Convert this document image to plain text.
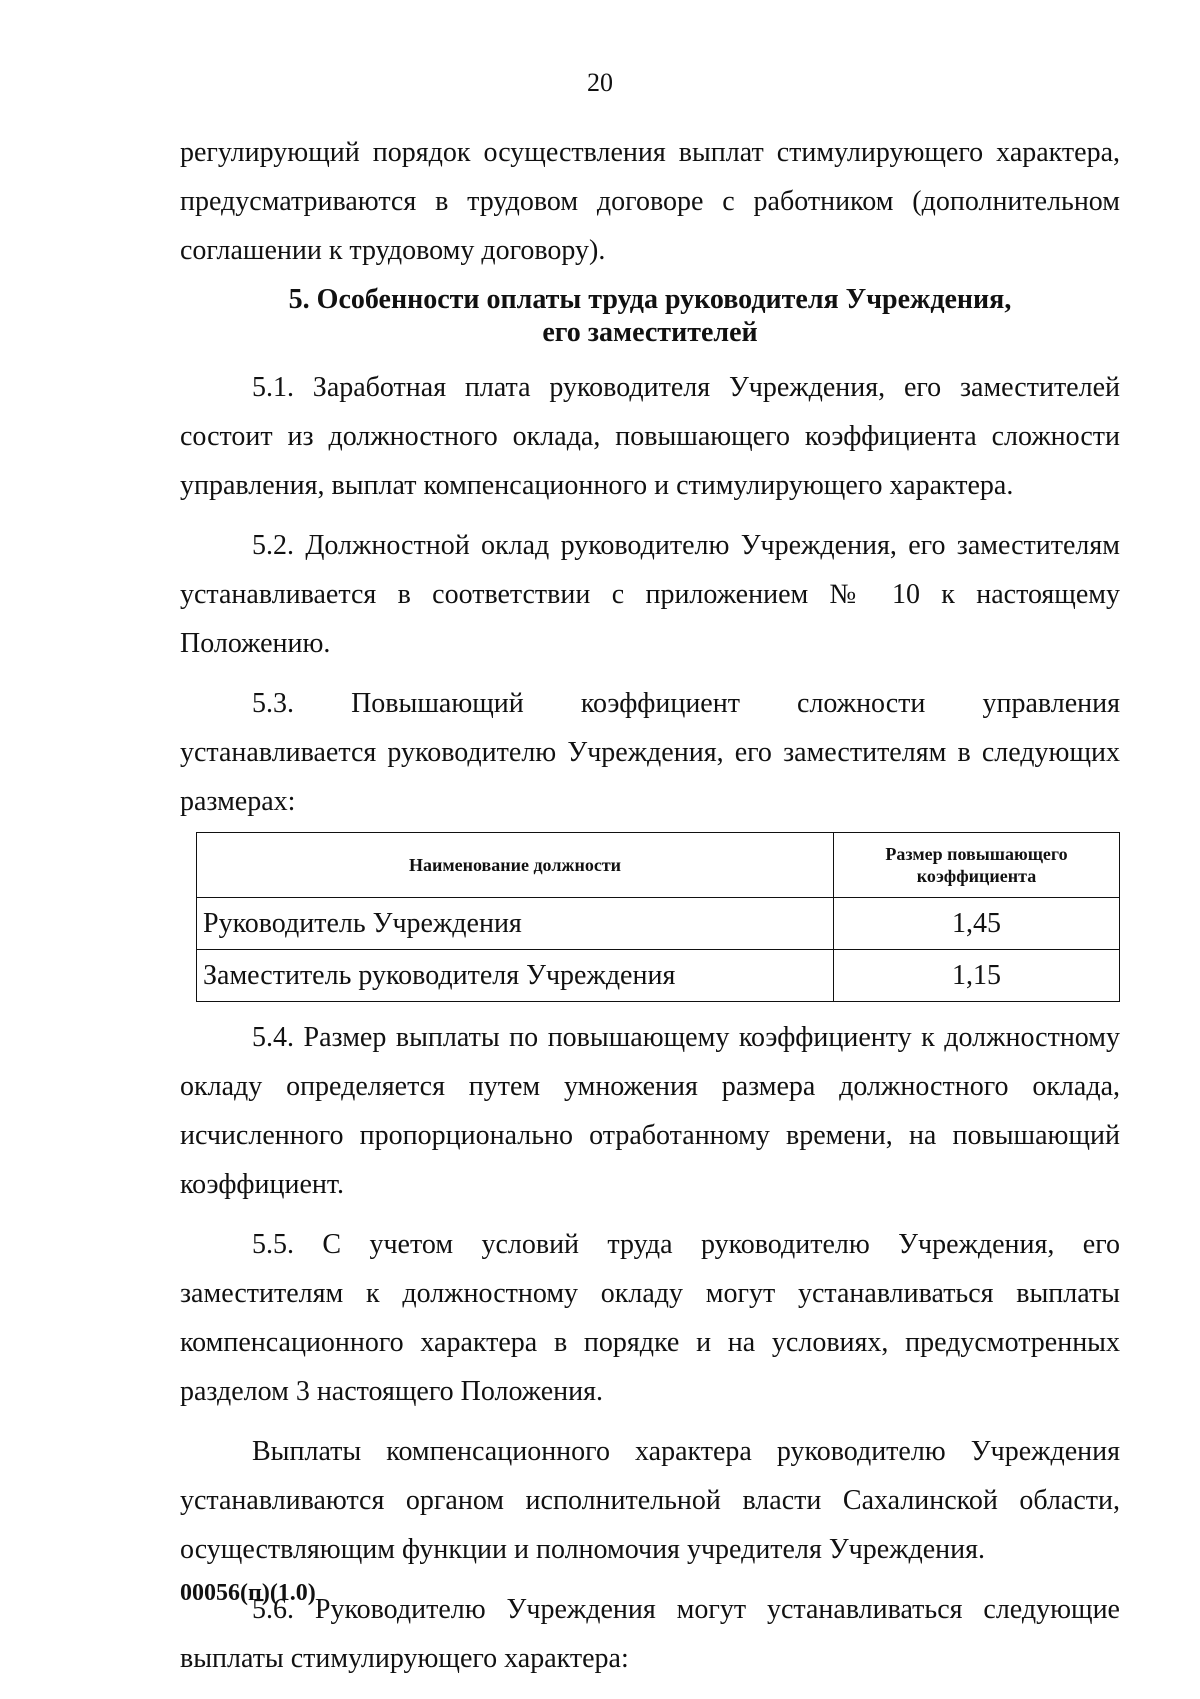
20

регулирующий порядок осуществления выплат стимулирующего характера, предусматриваются в трудовом договоре с работником (дополнительном соглашении к трудовому договору).

5. Особенности оплаты труда руководителя Учреждения,
его заместителей

5.1. Заработная плата руководителя Учреждения, его заместителей состоит из должностного оклада, повышающего коэффициента сложности управления, выплат компенсационного и стимулирующего характера.

5.2. Должностной оклад руководителю Учреждения, его заместителям устанавливается в соответствии с приложением № 10 к настоящему Положению.

5.3. Повышающий коэффициент сложности управления устанавливается руководителю Учреждения, его заместителям в следующих размерах:

Наименование должности	Размер повышающего коэффициента
Руководитель Учреждения	1,45
Заместитель руководителя Учреждения	1,15

5.4. Размер выплаты по повышающему коэффициенту к должностному окладу определяется путем умножения размера должностного оклада, исчисленного пропорционально отработанному времени, на повышающий коэффициент.

5.5. С учетом условий труда руководителю Учреждения, его заместителям к должностному окладу могут устанавливаться выплаты компенсационного характера в порядке и на условиях, предусмотренных разделом 3 настоящего Положения.

Выплаты компенсационного характера руководителю Учреждения устанавливаются органом исполнительной власти Сахалинской области, осуществляющим функции и полномочия учредителя Учреждения.

5.6. Руководителю Учреждения могут устанавливаться следующие выплаты стимулирующего характера:

00056(п)(1.0)
